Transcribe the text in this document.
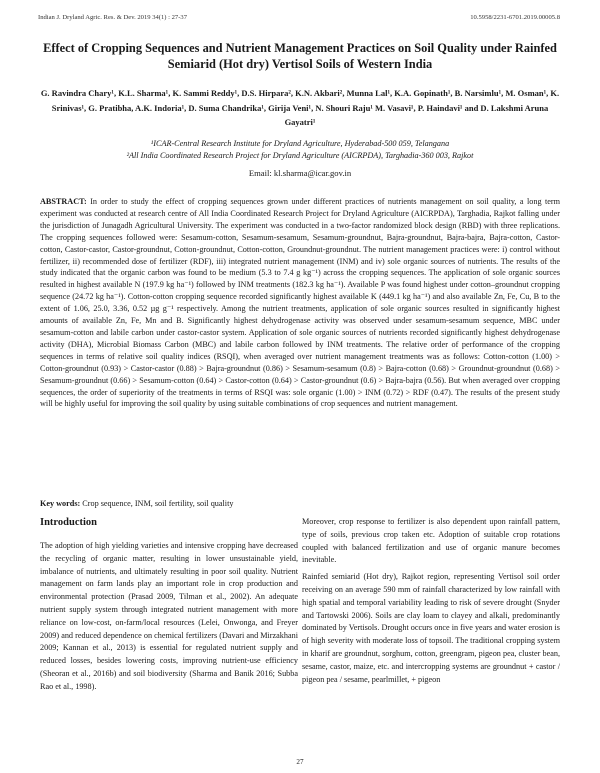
Indian J. Dryland Agric. Res. & Dev. 2019 34(1) : 27-37	10.5958/2231-6701.2019.00005.8
Effect of Cropping Sequences and Nutrient Management Practices on Soil Quality under Rainfed Semiarid (Hot dry) Vertisol Soils of Western India
G. Ravindra Chary¹, K.L. Sharma¹, K. Sammi Reddy¹, D.S. Hirpara², K.N. Akbari², Munna Lal¹, K.A. Gopinath¹, B. Narsimlu¹, M. Osman¹, K. Srinivas¹, G. Pratibha, A.K. Indoria¹, D. Suma Chandrika¹, Girija Veni¹, N. Shouri Raju¹ M. Vasavi¹, P. Haindavi¹ and D. Lakshmi Aruna Gayatri¹
¹ICAR-Central Research Institute for Dryland Agriculture, Hyderabad-500 059, Telangana
²All India Coordinated Research Project for Dryland Agriculture (AICRPDA), Targhadia-360 003, Rajkot
Email: kl.sharma@icar.gov.in
ABSTRACT: In order to study the effect of cropping sequences grown under different practices of nutrients management on soil quality, a long term experiment was conducted at research centre of All India Coordinated Research Project for Dryland Agriculture (AICRPDA), Targhadia, Rajkot falling under the jurisdiction of Junagadh Agricultural University. The experiment was conducted in a two-factor randomized block design (RBD) with three replications. The cropping sequences followed were: Sesamum-cotton, Sesamum-sesamum, Sesamum-groundnut, Bajra-groundnut, Bajra-bajra, Bajra-cotton, Castor-cotton, Castor-castor, Castor-groundnut, Cotton-groundnut, Cotton-cotton, Groundnut-groundnut. The nutrient management practices were: i) control without fertilizer, ii) recommended dose of fertilizer (RDF), iii) integrated nutrient management (INM) and iv) sole organic sources of nutrients. The results of the study indicated that the organic carbon was found to be medium (5.3 to 7.4 g kg⁻¹) across the cropping sequences. The application of sole organic sources resulted in highest available N (197.9 kg ha⁻¹) followed by INM treatments (182.3 kg ha⁻¹). Available P was found highest under cotton–groundnut cropping sequence (24.72 kg ha⁻¹). Cotton-cotton cropping sequence recorded significantly highest available K (449.1 kg ha⁻¹) and also available Zn, Fe, Cu, B to the extent of 1.06, 25.0, 3.36, 0.52 µg g⁻¹ respectively. Among the nutrient treatments, application of sole organic sources resulted in significantly highest amounts of available Zn, Fe, Mn and B. Significantly highest dehydrogenase activity was observed under sesamum-sesamum sequence, MBC under sesamum-cotton and labile carbon under castor-castor system. Application of sole organic sources of nutrients recorded significantly highest dehydrogenase activity (DHA), Microbial Biomass Carbon (MBC) and labile carbon followed by INM treatments. The relative order of performance of the cropping sequences in terms of relative soil quality indices (RSQI), when averaged over nutrient management treatments was as follows: Cotton-cotton (1.00) > Cotton-groundnut (0.93) > Castor-castor (0.88) > Bajra-groundnut (0.86) > Sesamum-sesamum (0.8) > Bajra-cotton (0.68) > Groundnut-groundnut (0.68) > Sesamum-groundnut (0.66) > Sesamum-cotton (0.64) > Castor-cotton (0.64) > Castor-groundnut (0.6) > Bajra-bajra (0.56). But when averaged over cropping sequences, the order of superiority of the treatments in terms of RSQI was: sole organic (1.00) > INM (0.72) > RDF (0.47). The results of the present study will be highly useful for improving the soil quality by using suitable combinations of crop sequences and nutrient management.
Key words: Crop sequence, INM, soil fertility, soil quality
Introduction

The adoption of high yielding varieties and intensive cropping have decreased the recycling of organic matter, resulting in lower unsustainable yield, imbalance of nutrients, and ultimately resulting in poor soil quality. Nutrient management on farm lands play an important role in crop production and environmental protection (Prasad 2009, Tilman et al., 2002). An adequate nutrient supply system through integrated nutrient management with more reliance on low-cost, on-farm/local resources (Lelei, Onwonga, and Freyer 2009) and reduced dependence on chemical fertilizers (Davari and Mirzakhani 2009; Kannan et al., 2013) is essential for regulated nutrient supply and reduced losses, besides lowering costs, improving nutrient-use efficiency (Sheoran et al., 2016b) and soil biodiversity (Sharma and Banik 2016; Subba Rao et al., 1998).

Moreover, crop response to fertilizer is also dependent upon rainfall pattern, type of soils, previous crop taken etc. Adoption of suitable crop rotations coupled with balanced fertilization and use of organic manure becomes inevitable.

Rainfed semiarid (Hot dry), Rajkot region, representing Vertisol soil order receiving on an average 590 mm of rainfall characterized by low rainfall with high spatial and temporal variability leading to risk of severe drought (Snyder and Tartowski 2006). Soils are clay loam to clayey and alkali, predominantly dominated by Vertisols. Drought occurs once in five years and water erosion is of high severity with moderate loss of topsoil. The traditional cropping system in kharif are groundnut, sorghum, cotton, greengram, pigeon pea, cluster bean, sesame, castor, maize, etc. and intercropping systems are groundnut + castor / pigeon pea / sesame, pearlmillet, + pigeon

27
